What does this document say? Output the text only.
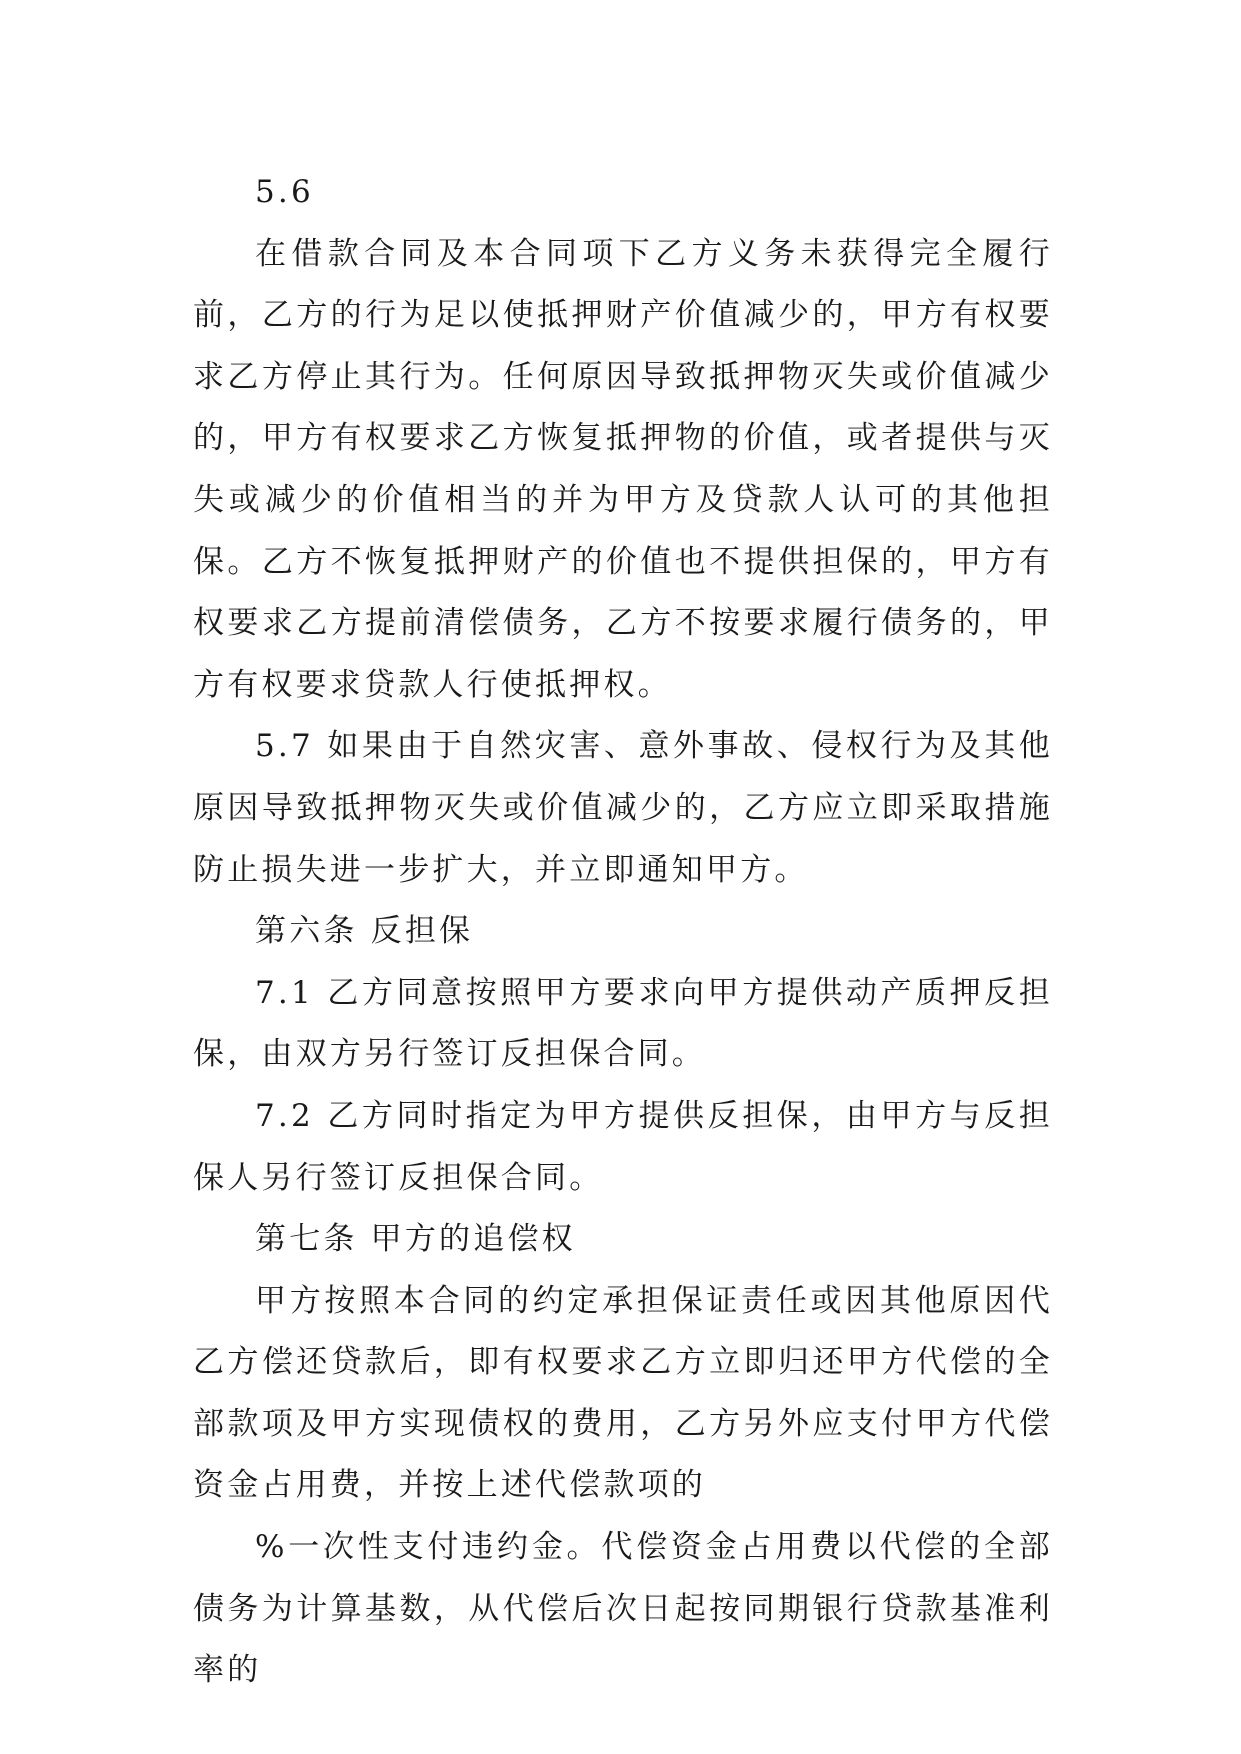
5.6

在借款合同及本合同项下乙方义务未获得完全履行前，乙方的行为足以使抵押财产价值减少的，甲方有权要求乙方停止其行为。任何原因导致抵押物灭失或价值减少的，甲方有权要求乙方恢复抵押物的价值，或者提供与灭失或减少的价值相当的并为甲方及贷款人认可的其他担保。乙方不恢复抵押财产的价值也不提供担保的，甲方有权要求乙方提前清偿债务，乙方不按要求履行债务的，甲方有权要求贷款人行使抵押权。

5.7 如果由于自然灾害、意外事故、侵权行为及其他原因导致抵押物灭失或价值减少的，乙方应立即采取措施防止损失进一步扩大，并立即通知甲方。

第六条 反担保

7.1 乙方同意按照甲方要求向甲方提供动产质押反担保，由双方另行签订反担保合同。

7.2 乙方同时指定为甲方提供反担保，由甲方与反担保人另行签订反担保合同。

第七条 甲方的追偿权

甲方按照本合同的约定承担保证责任或因其他原因代乙方偿还贷款后，即有权要求乙方立即归还甲方代偿的全部款项及甲方实现债权的费用，乙方另外应支付甲方代偿资金占用费，并按上述代偿款项的

%一次性支付违约金。代偿资金占用费以代偿的全部债务为计算基数，从代偿后次日起按同期银行贷款基准利率的
